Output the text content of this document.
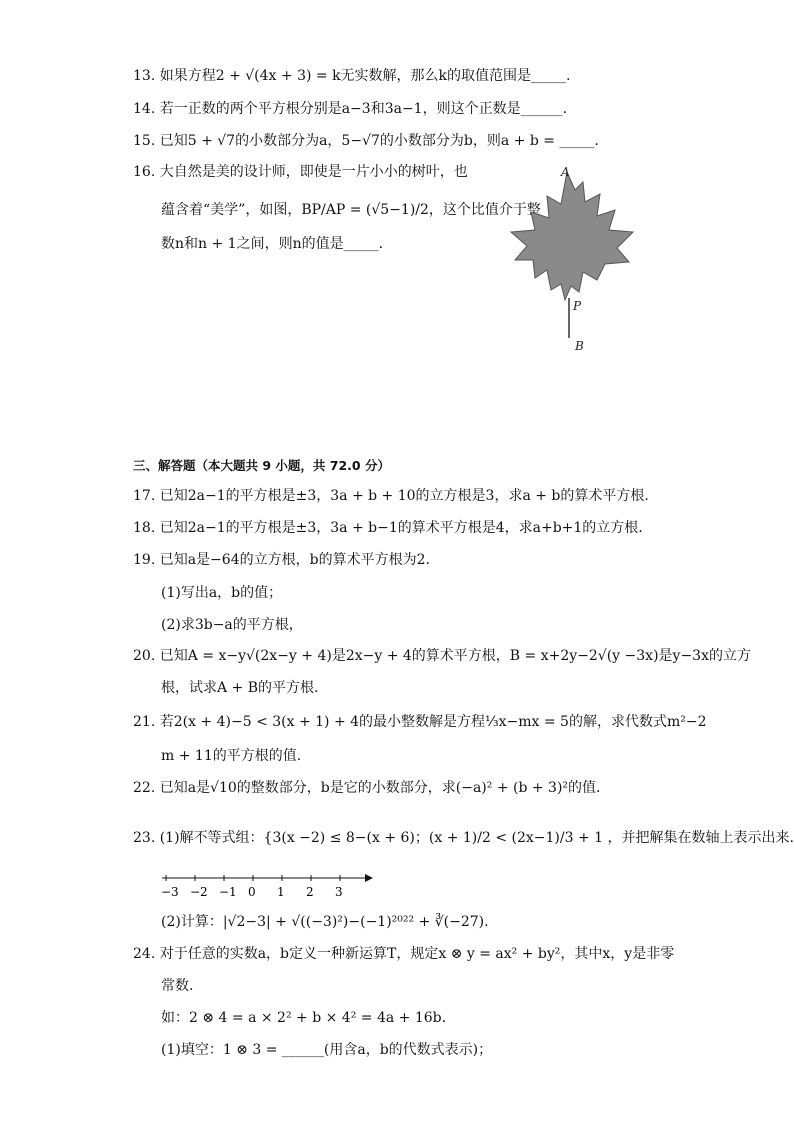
13. 如果方程2 + √(4x + 3) = k无实数解，那么k的取值范围是_____.
14. 若一正数的两个平方根分别是a−3和3a−1，则这个正数是______.
15. 已知5 + √7的小数部分为a，5−√7的小数部分为b，则a + b = _____.
16. 大自然是美的设计师，即使是一片小小的树叶，也
蕴含着“美学”，如图，BP/AP = (√5−1)/2，这个比值介于整
数n和n + 1之间，则n的值是_____.
17. 已知2a−1的平方根是±3，3a + b + 10的立方根是3，求a + b的算术平方根.
18. 已知2a−1的平方根是±3，3a + b−1的算术平方根是4，求a+b+1的立方根.
19. 已知a是−64的立方根，b的算术平方根为2.
(1)写出a，b的值；
(2)求3b−a的平方根，
20. 已知A = x−y√(2x−y + 4)是2x−y + 4的算术平方根，B = x+2y−2√(y −3x)是y−3x的立方
根，试求A + B的平方根.
21. 若2(x + 4)−5 < 3(x + 1) + 4的最小整数解是方程⅓x−mx = 5的解，求代数式m²−2
m + 11的平方根的值.
22. 已知a是√10的整数部分，b是它的小数部分，求(−a)² + (b + 3)²的值.
23. (1)解不等式组：{3(x −2) ≤ 8−(x + 6)；(x + 1)/2 < (2x−1)/3 + 1 ，并把解集在数轴上表示出来.
(2)计算：|√2−3| + √((−3)²)−(−1)²⁰²² + ∛(−27).
24. 对于任意的实数a，b定义一种新运算T，规定x ⊗ y = ax² + by²，其中x，y是非零
常数.
如：2 ⊗ 4 = a × 2² + b × 4² = 4a + 16b.
(1)填空：1 ⊗ 3 = ______(用含a，b的代数式表示)；
三、解答题（本大题共 9 小题，共 72.0 分）
A
P
B
−3 −2 −1 0 1 2 3
